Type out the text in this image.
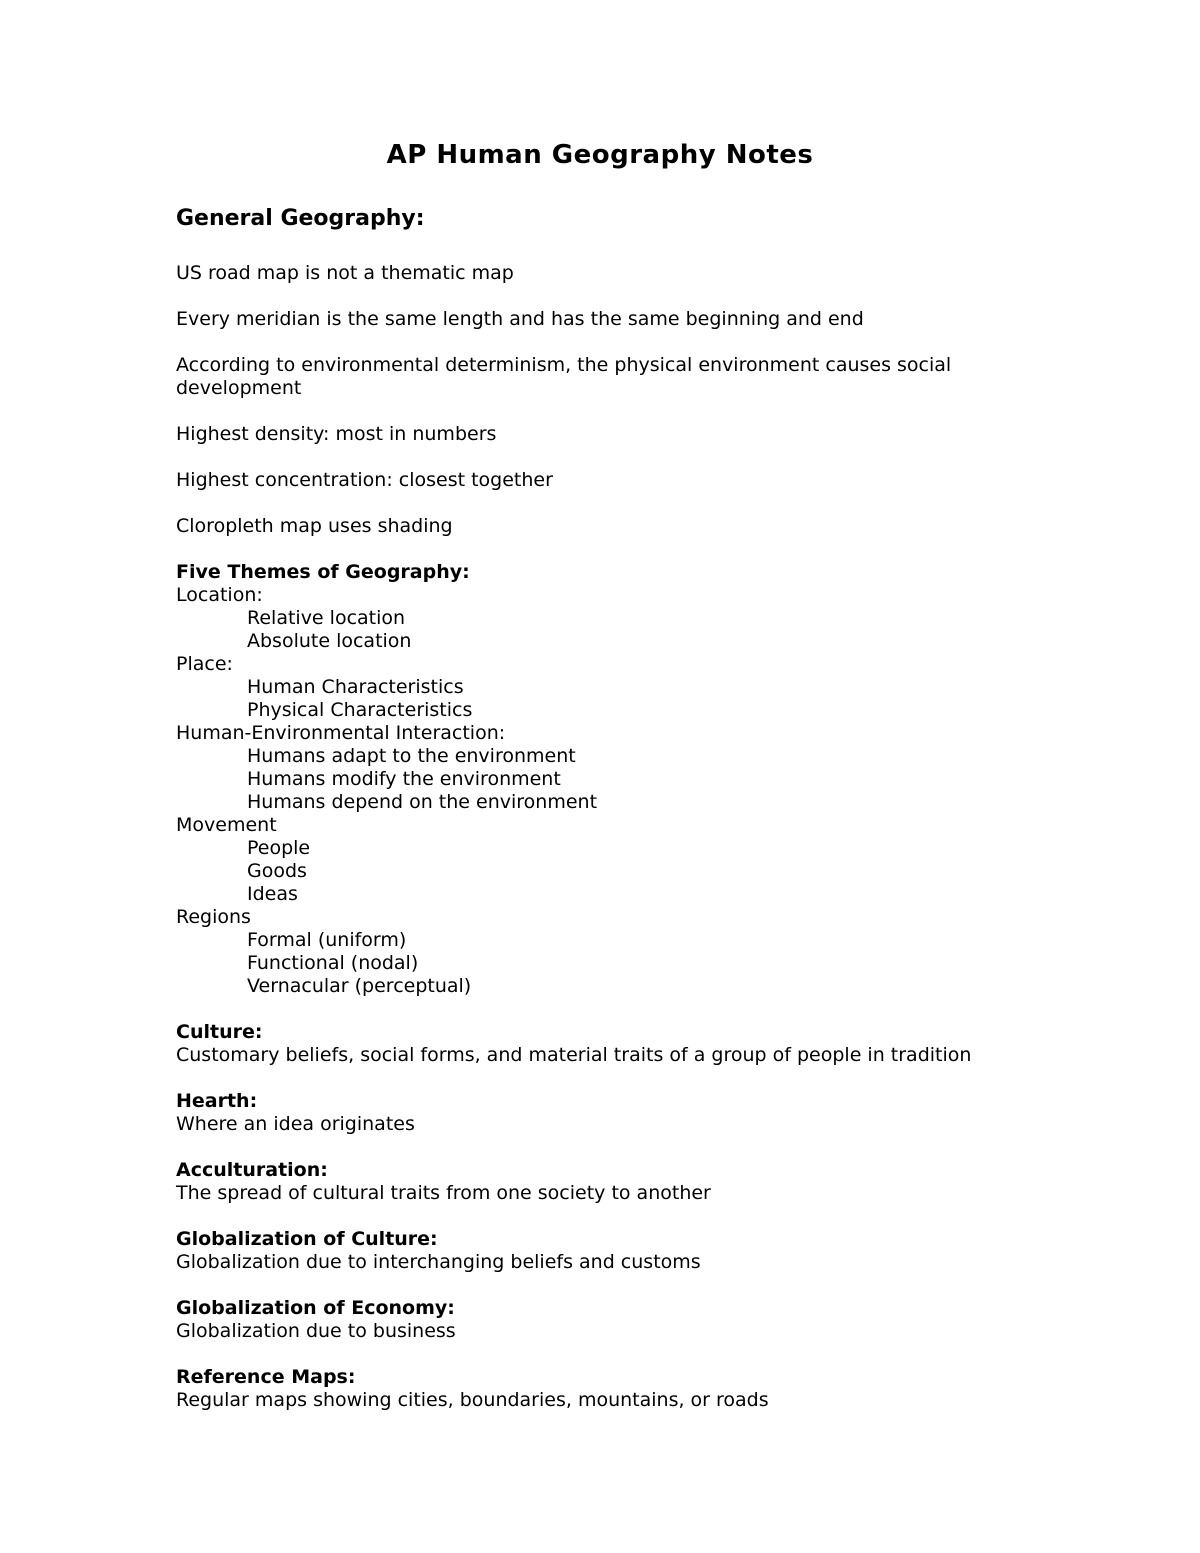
AP Human Geography Notes
General Geography:
US road map is not a thematic map
Every meridian is the same length and has the same beginning and end
According to environmental determinism, the physical environment causes social development
Highest density: most in numbers
Highest concentration: closest together
Cloropleth map uses shading
Five Themes of Geography:
Location:
Relative location
Absolute location
Place:
Human Characteristics
Physical Characteristics
Human-Environmental Interaction:
Humans adapt to the environment
Humans modify the environment
Humans depend on the environment
Movement
People
Goods
Ideas
Regions
Formal (uniform)
Functional (nodal)
Vernacular (perceptual)
Culture:
Customary beliefs, social forms, and material traits of a group of people in tradition
Hearth:
Where an idea originates
Acculturation:
The spread of cultural traits from one society to another
Globalization of Culture:
Globalization due to interchanging beliefs and customs
Globalization of Economy:
Globalization due to business
Reference Maps:
Regular maps showing cities, boundaries, mountains, or roads
